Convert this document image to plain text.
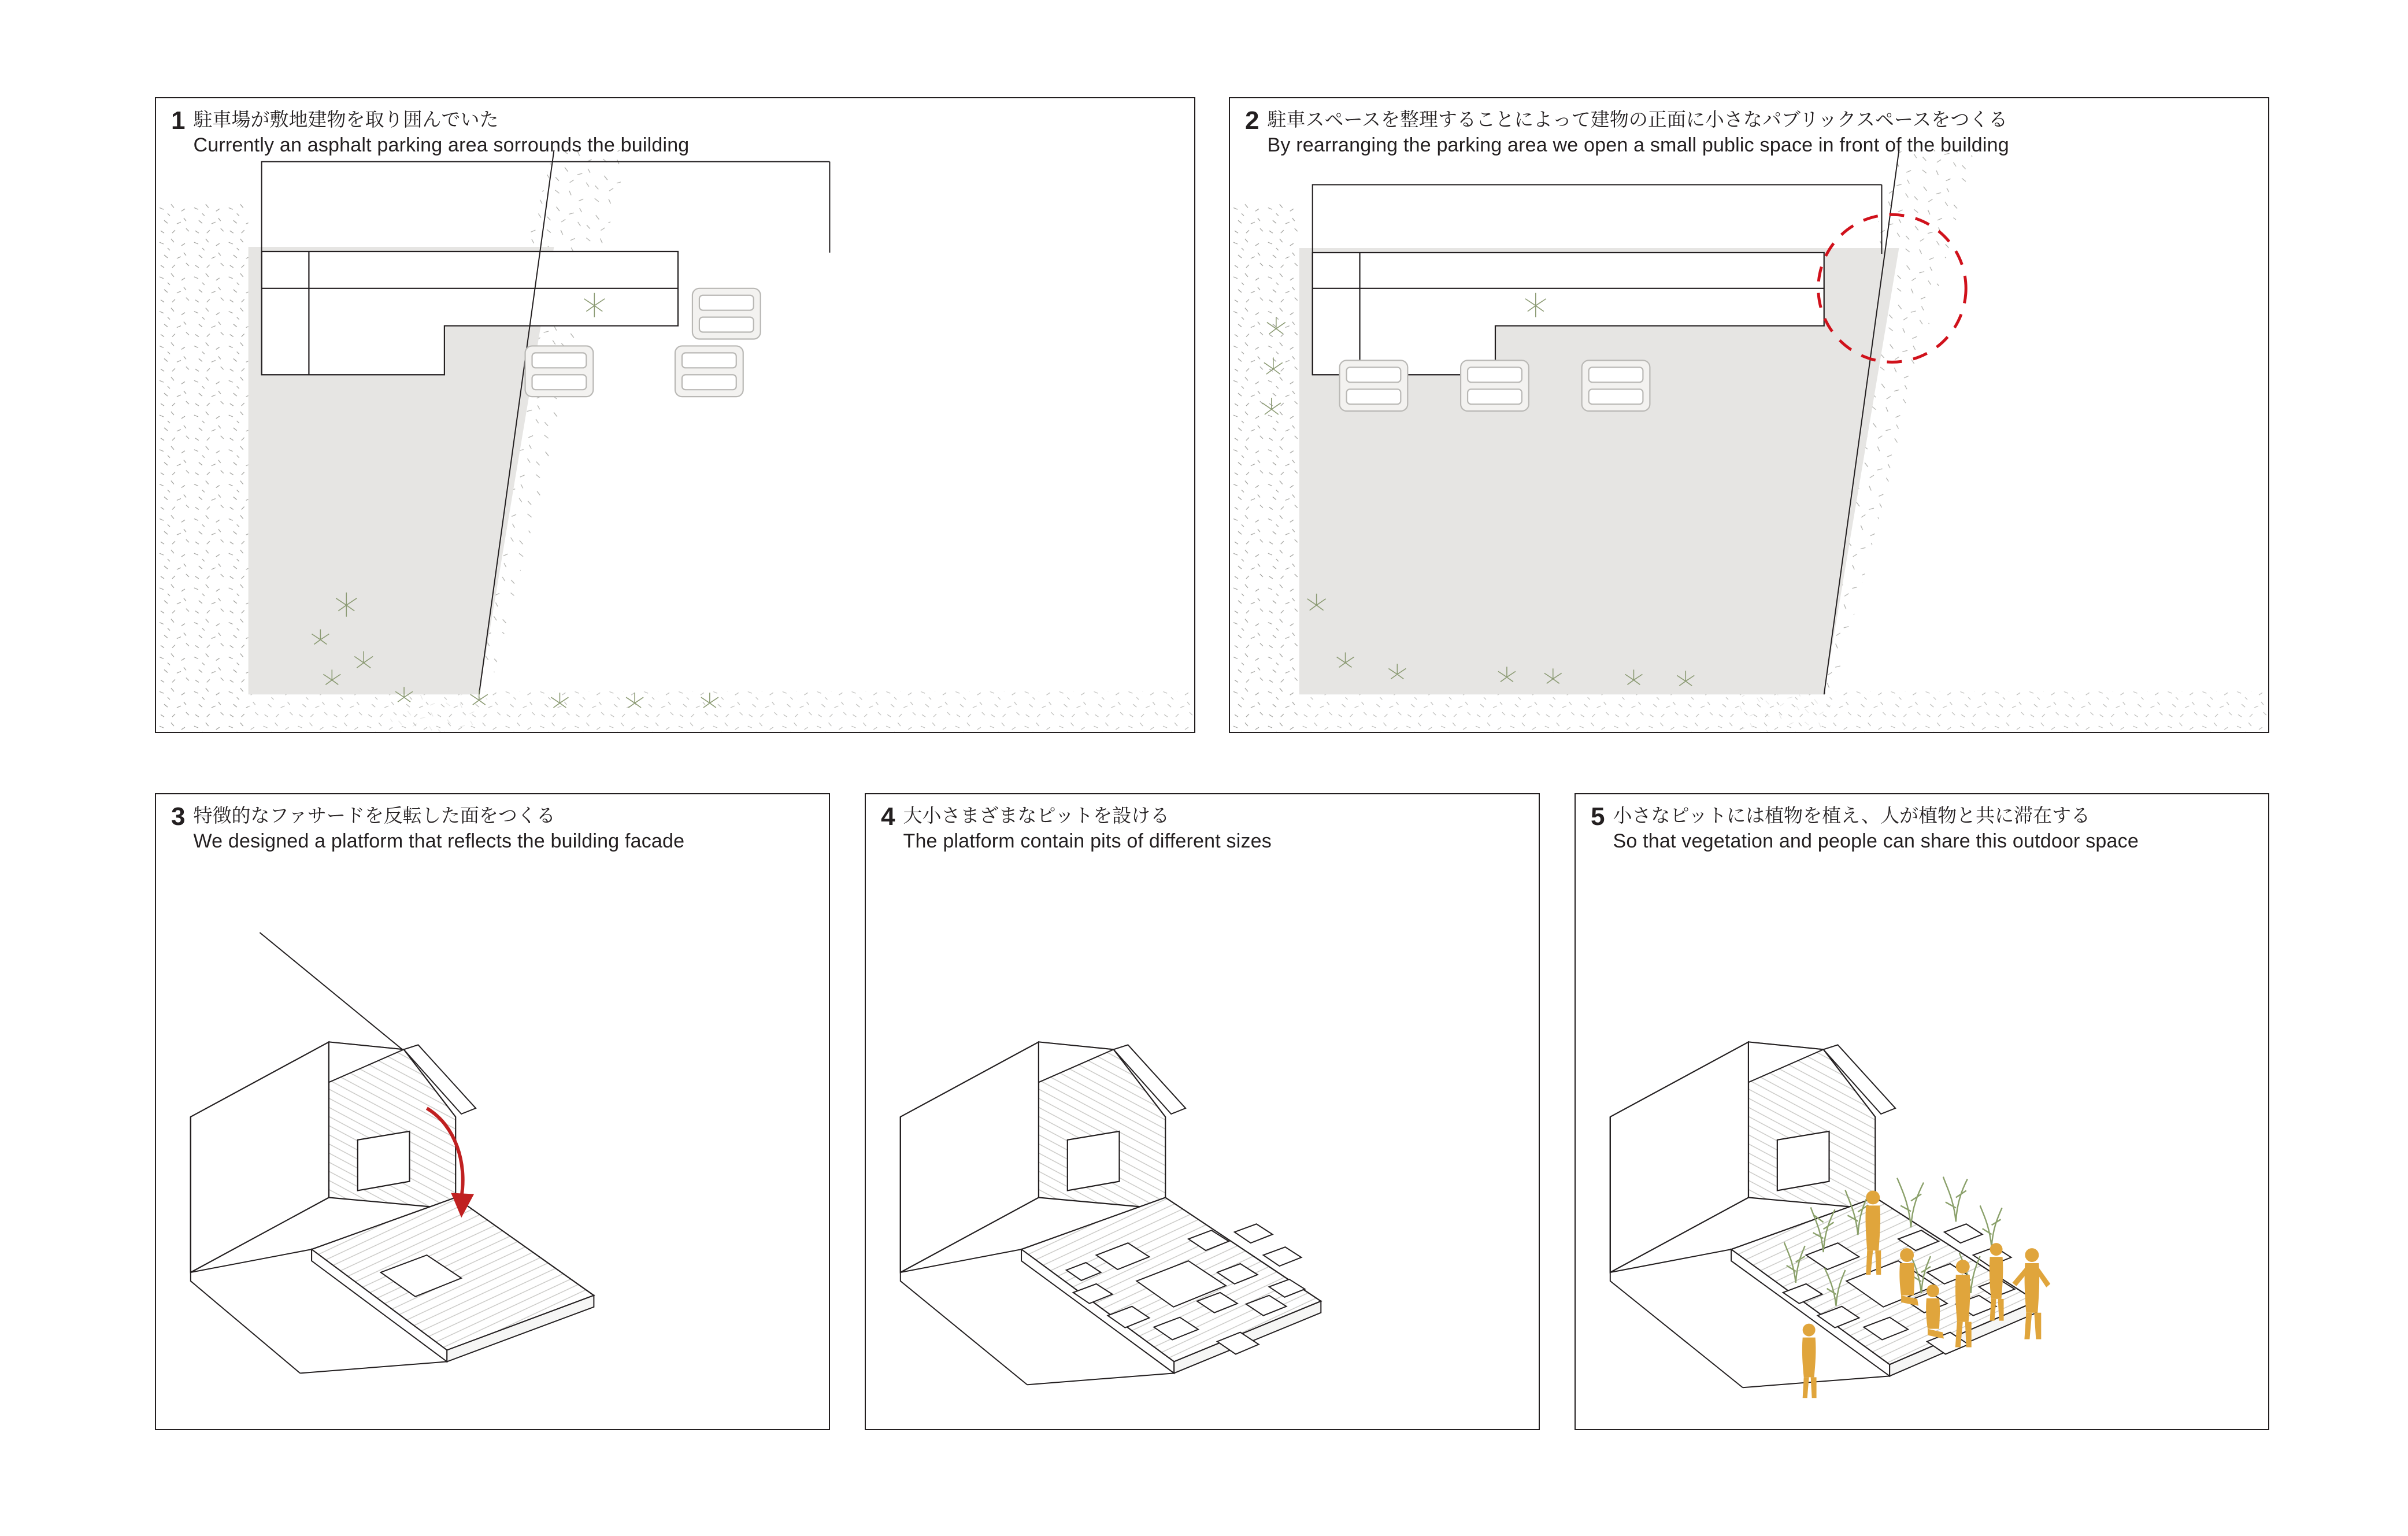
1 駐車場が敷地建物を取り囲んでいた
Currently an asphalt parking area sorrounds the building
2 駐車スペースを整理することによって建物の正面に小さなパブリックスペースをつくる
By rearranging the parking area we open a small public space in front of the building
3 特徴的なファサードを反転した面をつくる
We designed a platform that reflects the building facade
4 大小さまざまなピットを設ける
The platform contain pits of different sizes
5 小さなピットには植物を植え、人が植物と共に滞在する
So that vegetation and people can share this outdoor space
